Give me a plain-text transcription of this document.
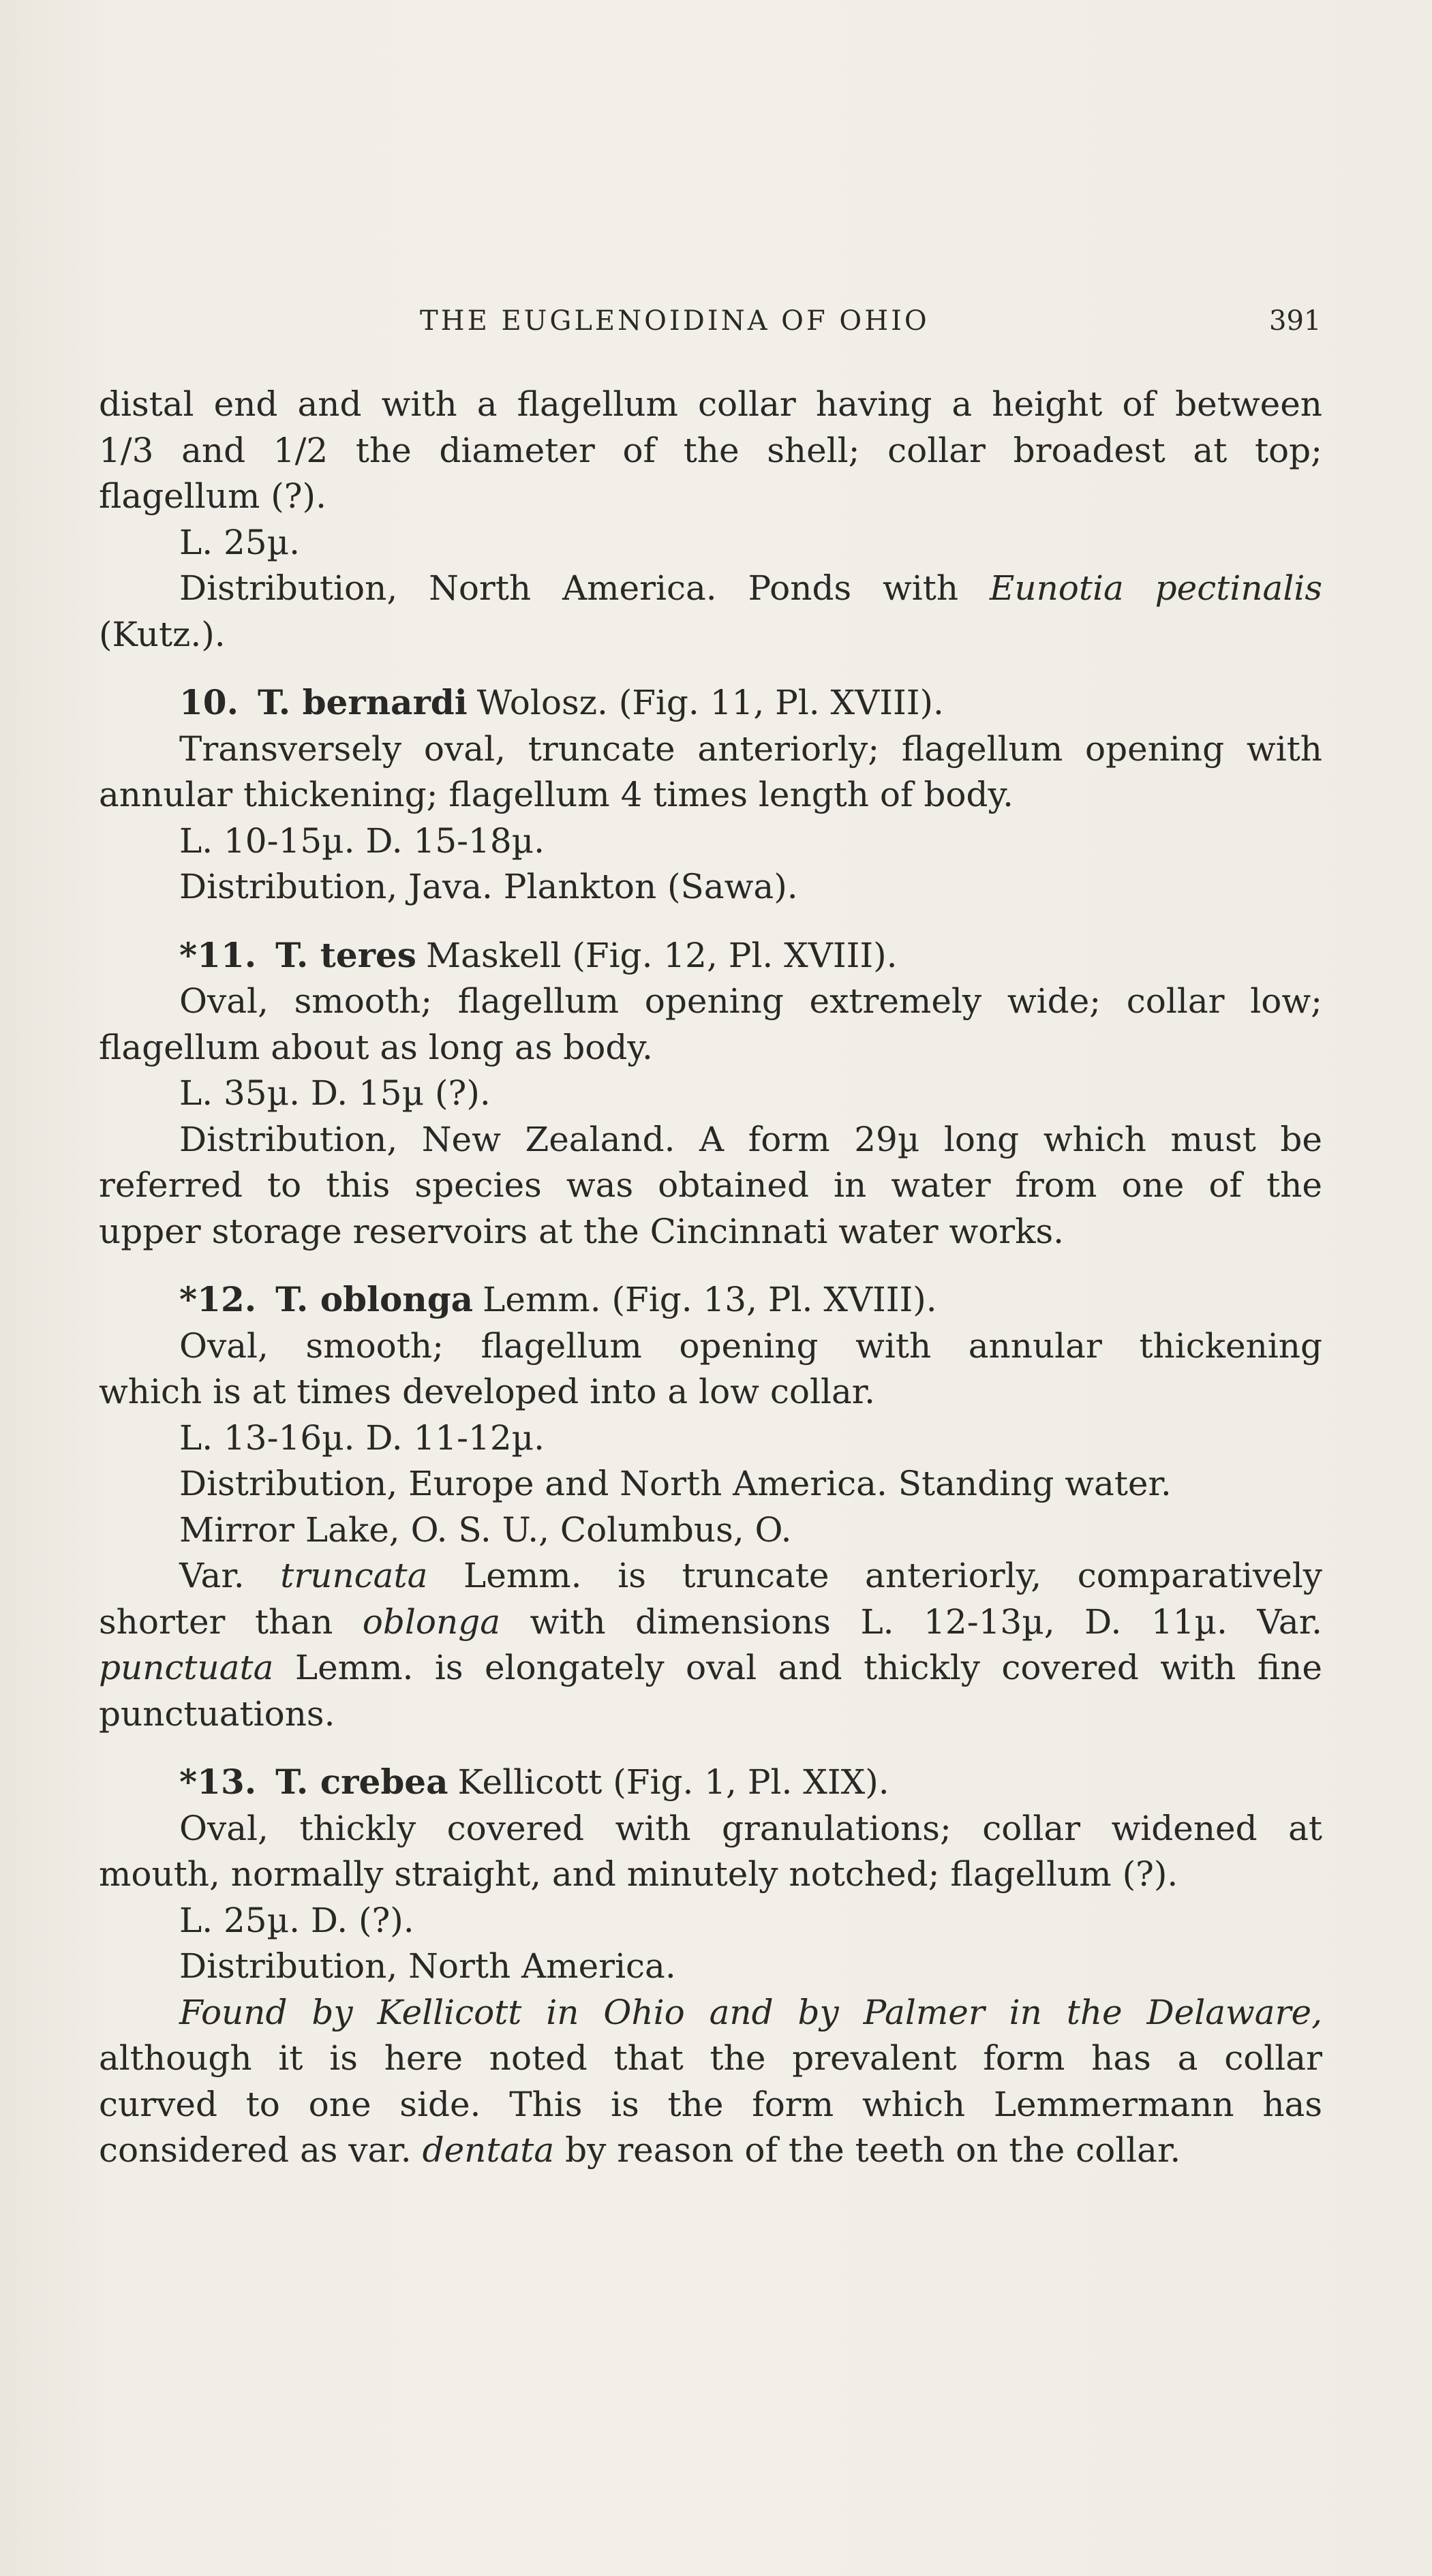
THE EUGLENOIDINA OF OHIO	391
distal end and with a flagellum collar having a height of between
1/3 and 1/2 the diameter of the shell; collar broadest at top;
flagellum (?).
L. 25µ.
Distribution, North America. Ponds with Eunotia pectinalis
(Kutz.).
10. T. bernardi Wolosz. (Fig. 11, Pl. XVIII).
Transversely oval, truncate anteriorly; flagellum opening with
annular thickening; flagellum 4 times length of body.
L. 10-15µ. D. 15-18µ.
Distribution, Java. Plankton (Sawa).
*11. T. teres Maskell (Fig. 12, Pl. XVIII).
Oval, smooth; flagellum opening extremely wide; collar low;
flagellum about as long as body.
L. 35µ. D. 15µ (?).
Distribution, New Zealand. A form 29µ long which must be
referred to this species was obtained in water from one of the
upper storage reservoirs at the Cincinnati water works.
*12. T. oblonga Lemm. (Fig. 13, Pl. XVIII).
Oval, smooth; flagellum opening with annular thickening
which is at times developed into a low collar.
L. 13-16µ. D. 11-12µ.
Distribution, Europe and North America. Standing water.
Mirror Lake, O. S. U., Columbus, O.
Var. truncata Lemm. is truncate anteriorly, comparatively
shorter than oblonga with dimensions L. 12-13µ, D. 11µ. Var.
punctuata Lemm. is elongately oval and thickly covered with fine
punctuations.
*13. T. crebea Kellicott (Fig. 1, Pl. XIX).
Oval, thickly covered with granulations; collar widened at
mouth, normally straight, and minutely notched; flagellum (?).
L. 25µ. D. (?).
Distribution, North America.
Found by Kellicott in Ohio and by Palmer in the Delaware,
although it is here noted that the prevalent form has a collar
curved to one side. This is the form which Lemmermann has
considered as var. dentata by reason of the teeth on the collar.
